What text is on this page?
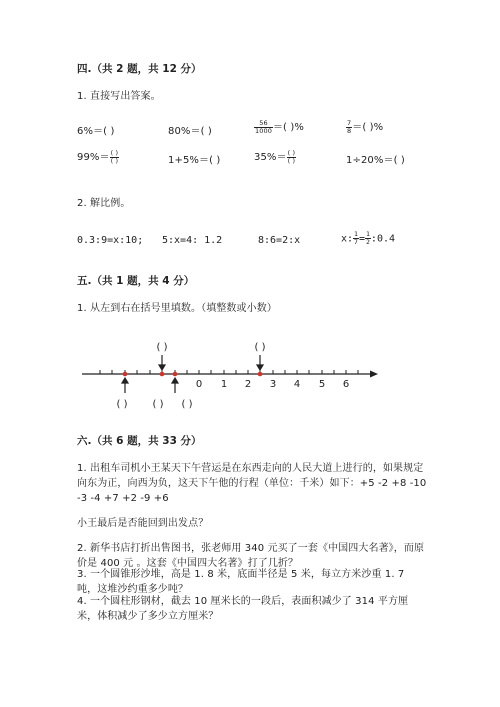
四.（共 2 题，共 12 分）
1. 直接写出答案。
6%＝( )	80%＝( )	$\frac{56}{1000}$ ＝( )%	$\frac{7}{8}$ ＝( )%
$99\%= \frac{( )}{( )}$	1+5%＝( )	$35\%= \frac{( )}{( )}$	1÷20%＝( )
2. 解比例。
0.3:9=x:10; 5:x=4: 1.2	8:6=2:x	x: $\frac{1}{7} = \frac{1}{2}$ :0.4
五.（共 1 题，共 4 分）
1. 从左到右在括号里填数。（填整数或小数）
0 1 2 3 4 5 6
( )	( )
( )	( ) ( )
六.（共 6 题，共 33 分）
1. 出租车司机小王某天下午营运是在东西走向的人民大道上进行的，如果规定向东为正，向西为负，这天下午他的行程（单位：千米）如下：+5 -2 +8 -10 -3 -4 +7 +2 -9 +6
小王最后是否能回到出发点？
2. 新华书店打折出售图书，张老师用 340 元买了一套《中国四大名著》，而原价是 400 元 。这套《中国四大名著》打了几折？
3. 一个圆锥形沙堆，高是 1. 8 米，底面半径是 5 米，每立方米沙重 1. 7 吨，这堆沙约重多少吨？
4. 一个圆柱形钢材，截去 10 厘米长的一段后，表面积减少了 314 平方厘米，体积减少了多少立方厘米？
